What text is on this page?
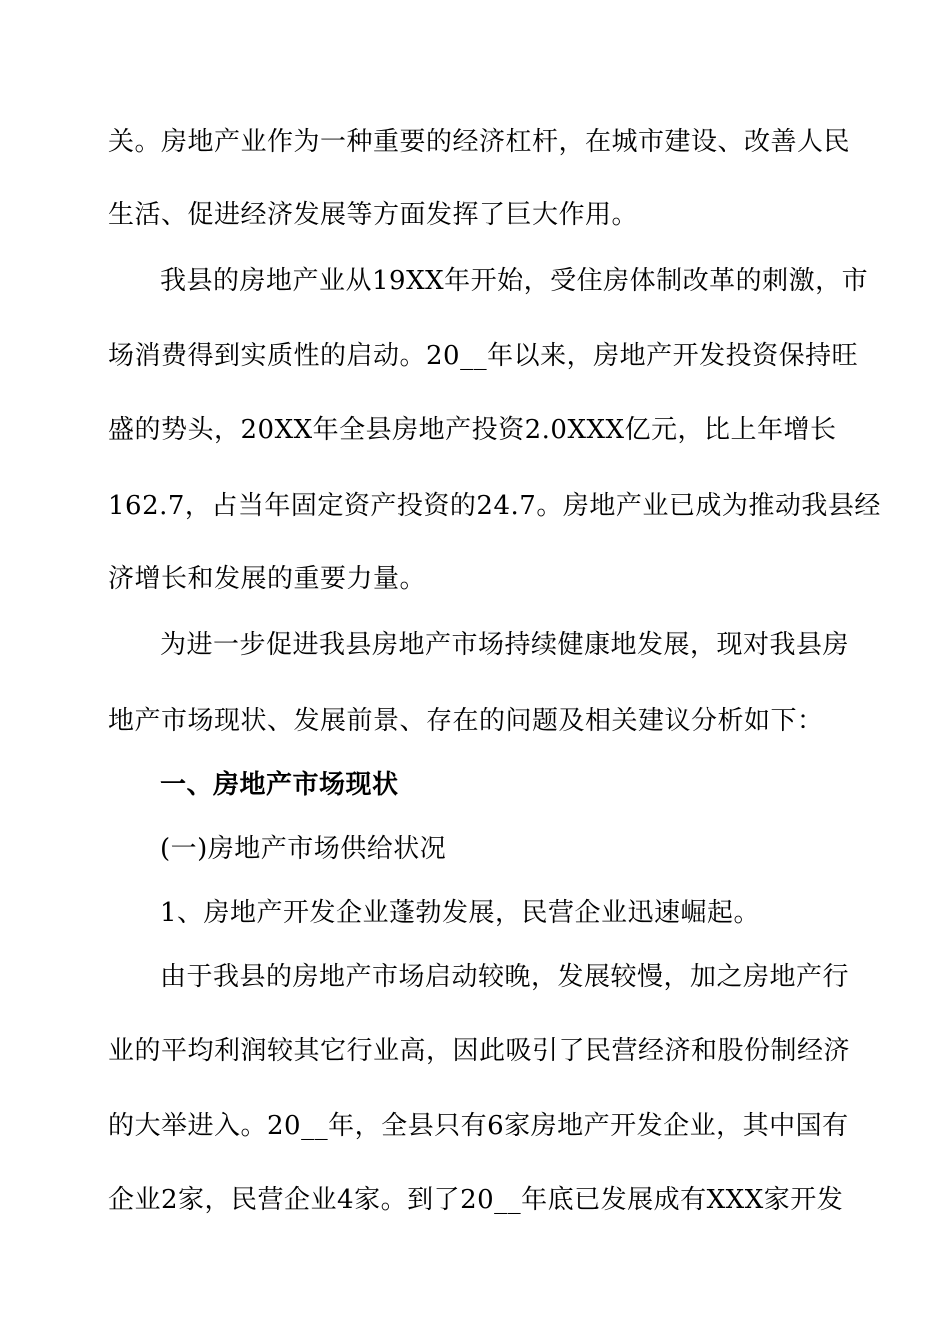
关。房地产业作为一种重要的经济杠杆，在城市建设、改善人民
生活、促进经济发展等方面发挥了巨大作用。
我县的房地产业从19XX年开始，受住房体制改革的刺激，市
场消费得到实质性的启动。20__年以来，房地产开发投资保持旺
盛的势头，20XX年全县房地产投资2.0XXX亿元，比上年增长
162.7，占当年固定资产投资的24.7。房地产业已成为推动我县经
济增长和发展的重要力量。
为进一步促进我县房地产市场持续健康地发展，现对我县房
地产市场现状、发展前景、存在的问题及相关建议分析如下：
一、房地产市场现状
(一)房地产市场供给状况
1、房地产开发企业蓬勃发展，民营企业迅速崛起。
由于我县的房地产市场启动较晚，发展较慢，加之房地产行
业的平均利润较其它行业高，因此吸引了民营经济和股份制经济
的大举进入。20__年，全县只有6家房地产开发企业，其中国有
企业2家，民营企业4家。到了20__年底已发展成有XXX家开发
